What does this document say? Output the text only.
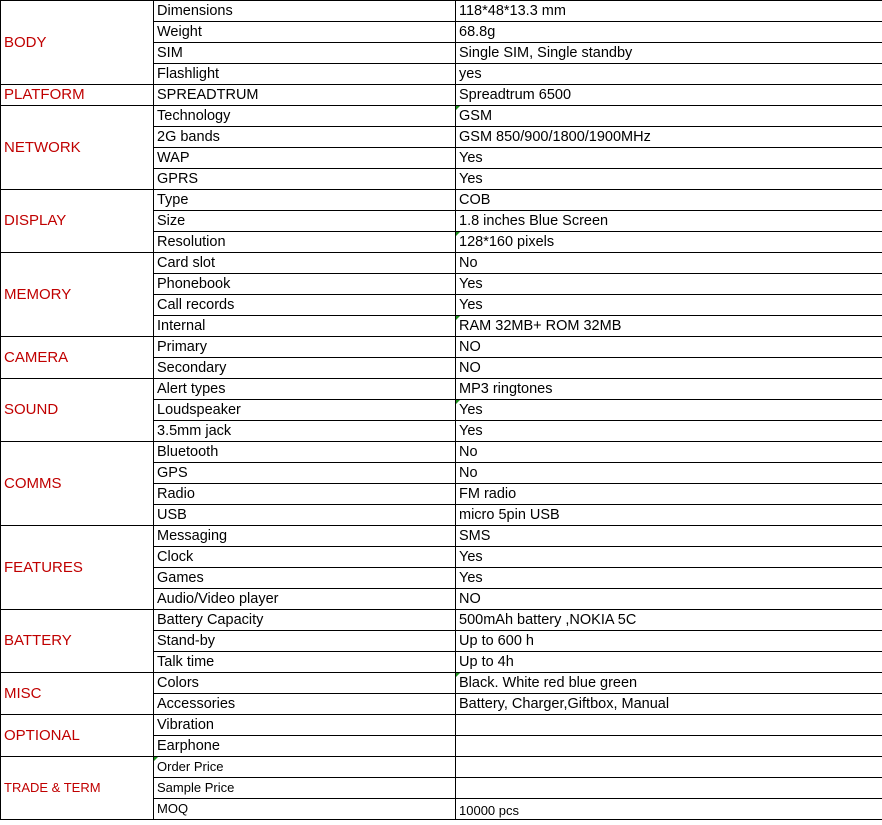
BODY	Dimensions	118*48*13.3 mm
	Weight	68.8g
	SIM	Single SIM, Single standby
	Flashlight	yes
PLATFORM	SPREADTRUM	Spreadtrum 6500
NETWORK	Technology	GSM
	2G bands	GSM 850/900/1800/1900MHz
	WAP	Yes
	GPRS	Yes
DISPLAY	Type	COB
	Size	1.8 inches Blue Screen
	Resolution	128*160 pixels
MEMORY	Card slot	No
	Phonebook	Yes
	Call records	Yes
	Internal	RAM 32MB+ ROM 32MB
CAMERA	Primary	NO
	Secondary	NO
SOUND	Alert types	MP3 ringtones
	Loudspeaker	Yes
	3.5mm jack	Yes
COMMS	Bluetooth	No
	GPS	No
	Radio	FM radio
	USB	micro 5pin USB
FEATURES	Messaging	SMS
	Clock	Yes
	Games	Yes
	Audio/Video player	NO
BATTERY	Battery Capacity	500mAh battery ,NOKIA 5C
	Stand-by	Up to 600 h
	Talk time	Up to 4h
MISC	Colors	Black. White red blue green
	Accessories	Battery, Charger,Giftbox, Manual
OPTIONAL	Vibration	
	Earphone	
TRADE & TERM	Order Price	
	Sample Price	
	MOQ	10000 pcs
